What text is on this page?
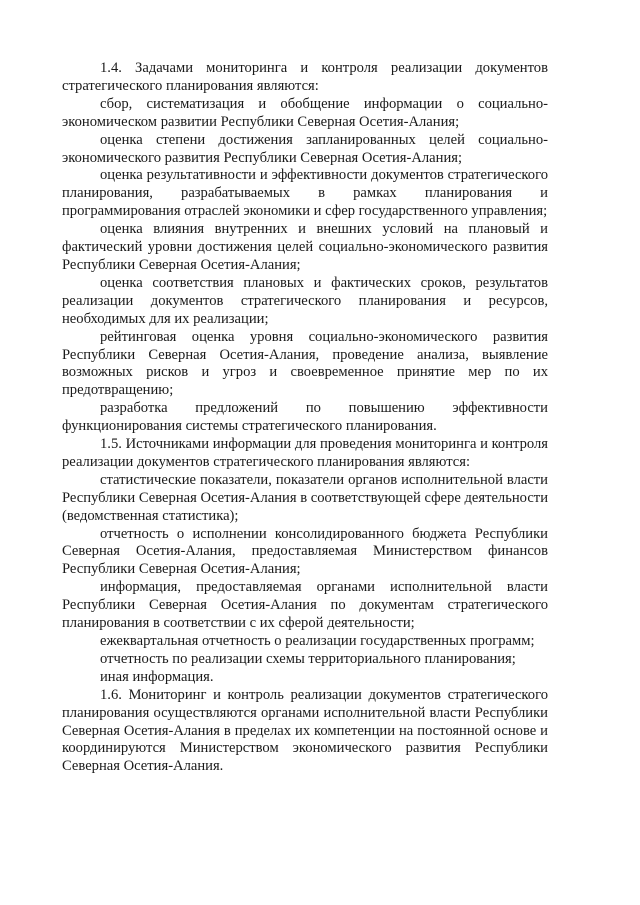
1.4. Задачами мониторинга и контроля реализации документов стратегического планирования являются:

сбор, систематизация и обобщение информации о социально-экономическом развитии Республики Северная Осетия-Алания;

оценка степени достижения запланированных целей социально-экономического развития Республики Северная Осетия-Алания;

оценка результативности и эффективности документов стратегического планирования, разрабатываемых в рамках планирования и программирования отраслей экономики и сфер государственного управления;

оценка влияния внутренних и внешних условий на плановый и фактический уровни достижения целей социально-экономического развития Республики Северная Осетия-Алания;

оценка соответствия плановых и фактических сроков, результатов реализации документов стратегического планирования и ресурсов, необходимых для их реализации;

рейтинговая оценка уровня социально-экономического развития Республики Северная Осетия-Алания, проведение анализа, выявление возможных рисков и угроз и своевременное принятие мер по их предотвращению;

разработка предложений по повышению эффективности функционирования системы стратегического планирования.

1.5. Источниками информации для проведения мониторинга и контроля реализации документов стратегического планирования являются:

статистические показатели, показатели органов исполнительной власти Республики Северная Осетия-Алания в соответствующей сфере деятельности (ведомственная статистика);

отчетность о исполнении консолидированного бюджета Республики Северная Осетия-Алания, предоставляемая Министерством финансов Республики Северная Осетия-Алания;

информация, предоставляемая органами исполнительной власти Республики Северная Осетия-Алания по документам стратегического планирования в соответствии с их сферой деятельности;

ежеквартальная отчетность о реализации государственных программ;

отчетность по реализации схемы территориального планирования;

иная информация.

1.6. Мониторинг и контроль реализации документов стратегического планирования осуществляются органами исполнительной власти Республики Северная Осетия-Алания в пределах их компетенции на постоянной основе и координируются Министерством экономического развития Республики Северная Осетия-Алания.
